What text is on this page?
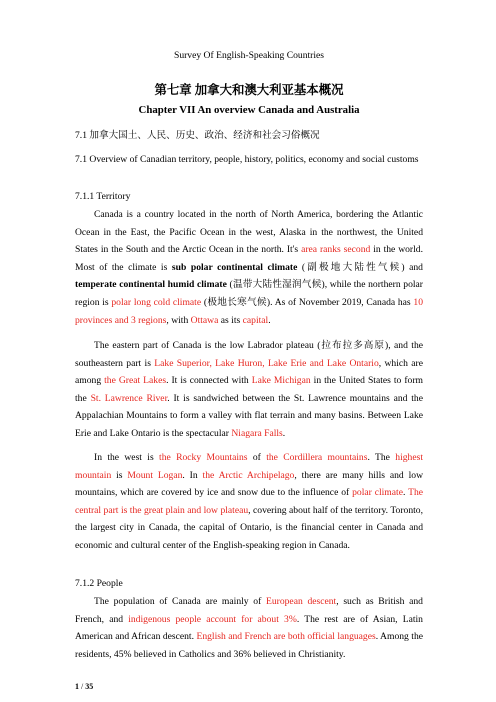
Survey Of English-Speaking Countries
第七章 加拿大和澳大利亚基本概况
Chapter VII An overview Canada and Australia
7.1 加拿大国土、人民、历史、政治、经济和社会习俗概况
7.1 Overview of Canadian territory, people, history, politics, economy and social customs
7.1.1 Territory
Canada is a country located in the north of North America, bordering the Atlantic Ocean in the East, the Pacific Ocean in the west, Alaska in the northwest, the United States in the South and the Arctic Ocean in the north. It's area ranks second in the world. Most of the climate is sub polar continental climate (副极地大陆性气候) and temperate continental humid climate (温带大陆性湿润气候), while the northern polar region is polar long cold climate (极地长寒气候). As of November 2019, Canada has 10 provinces and 3 regions, with Ottawa as its capital.
The eastern part of Canada is the low Labrador plateau (拉布拉多高原), and the southeastern part is Lake Superior, Lake Huron, Lake Erie and Lake Ontario, which are among the Great Lakes. It is connected with Lake Michigan in the United States to form the St. Lawrence River. It is sandwiched between the St. Lawrence mountains and the Appalachian Mountains to form a valley with flat terrain and many basins. Between Lake Erie and Lake Ontario is the spectacular Niagara Falls.
In the west is the Rocky Mountains of the Cordillera mountains. The highest mountain is Mount Logan. In the Arctic Archipelago, there are many hills and low mountains, which are covered by ice and snow due to the influence of polar climate. The central part is the great plain and low plateau, covering about half of the territory. Toronto, the largest city in Canada, the capital of Ontario, is the financial center in Canada and economic and cultural center of the English-speaking region in Canada.
7.1.2 People
The population of Canada are mainly of European descent, such as British and French, and indigenous people account for about 3%. The rest are of Asian, Latin American and African descent. English and French are both official languages. Among the residents, 45% believed in Catholics and 36% believed in Christianity.
1 / 35
